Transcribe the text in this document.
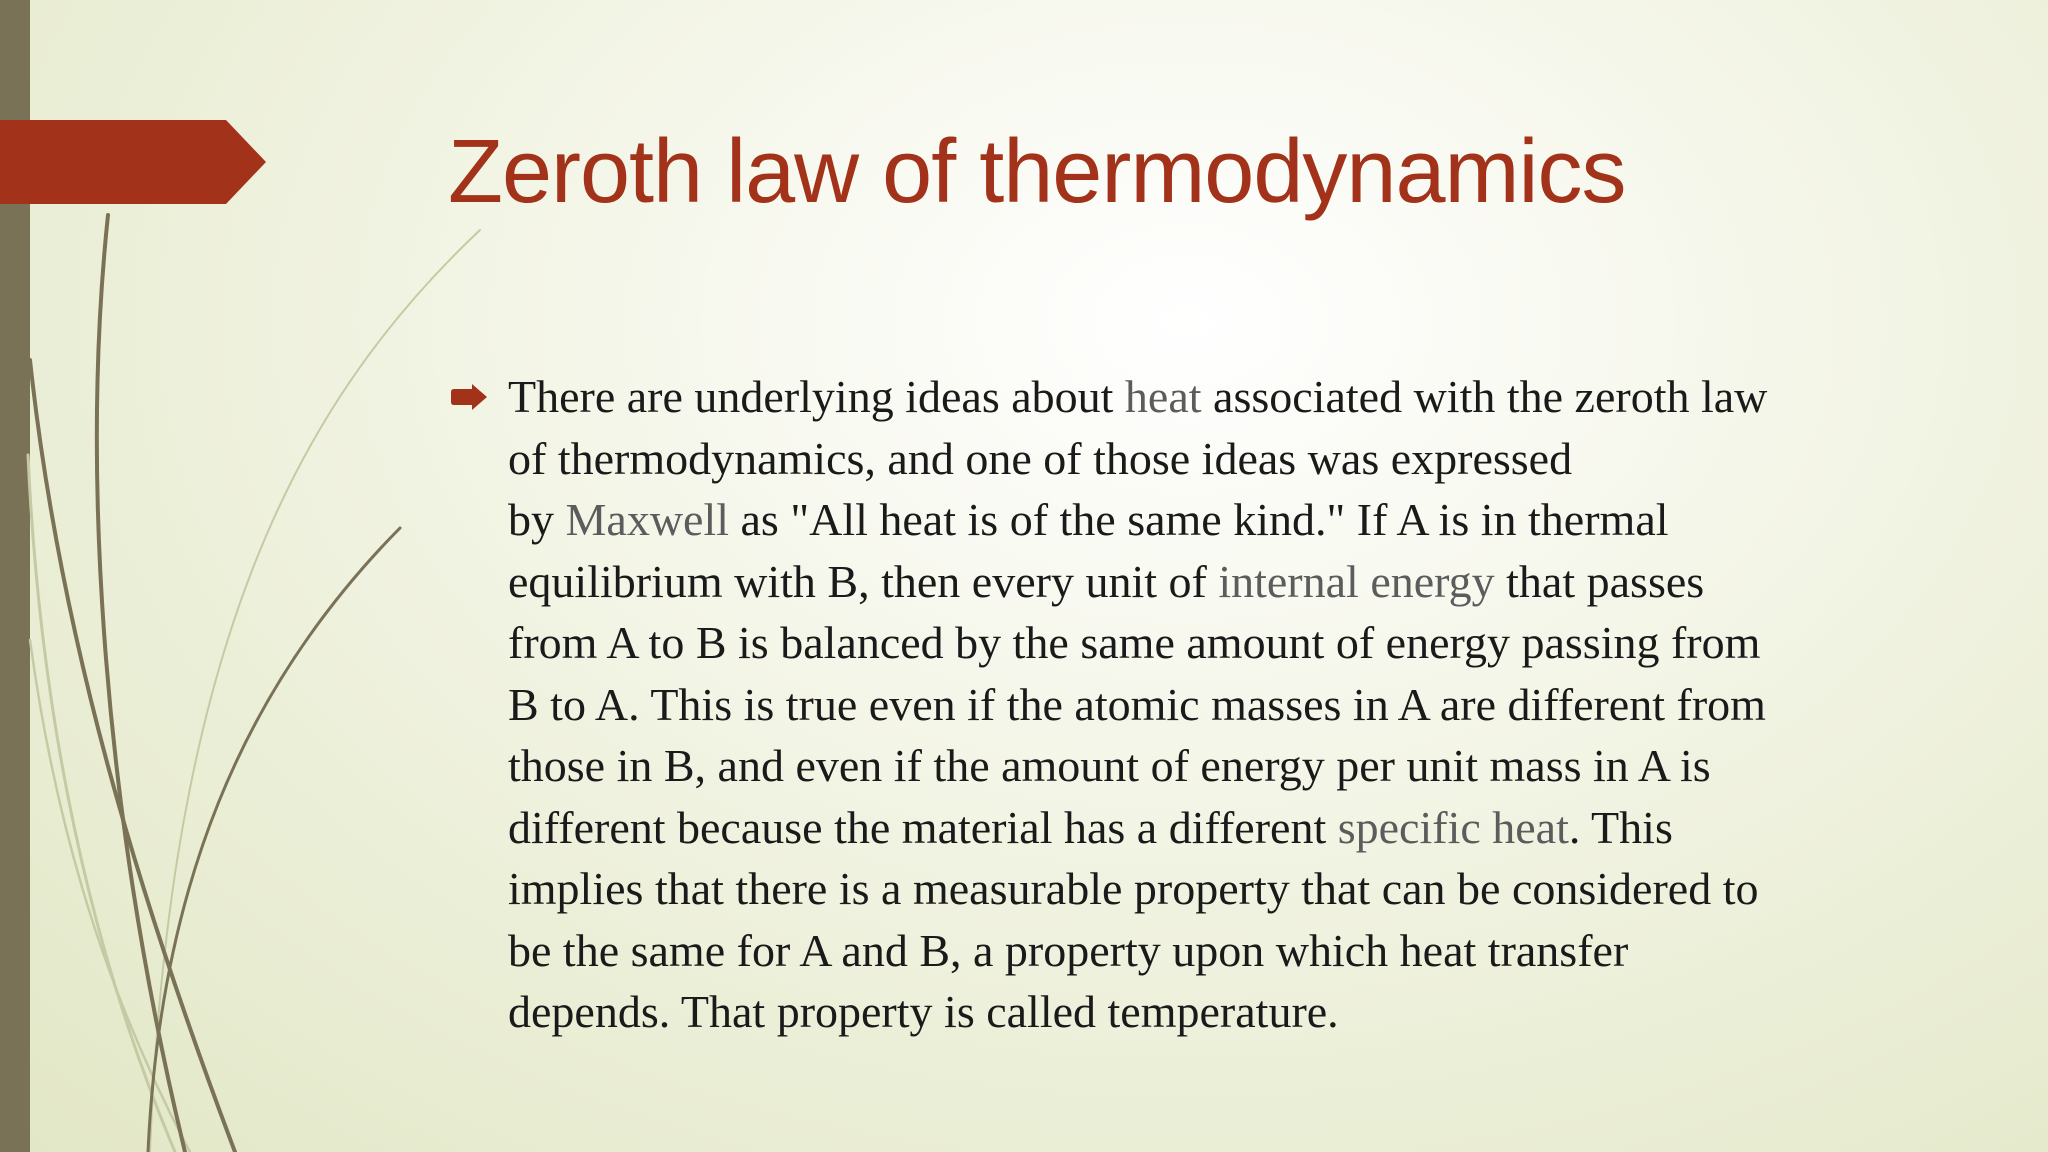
Zeroth law of thermodynamics
There are underlying ideas about heat associated with the zeroth law
of thermodynamics, and one of those ideas was expressed
by Maxwell as "All heat is of the same kind." If A is in thermal
equilibrium with B, then every unit of internal energy that passes
from A to B is balanced by the same amount of energy passing from
B to A. This is true even if the atomic masses in A are different from
those in B, and even if the amount of energy per unit mass in A is
different because the material has a different specific heat. This
implies that there is a measurable property that can be considered to
be the same for A and B, a property upon which heat transfer
depends. That property is called temperature.
